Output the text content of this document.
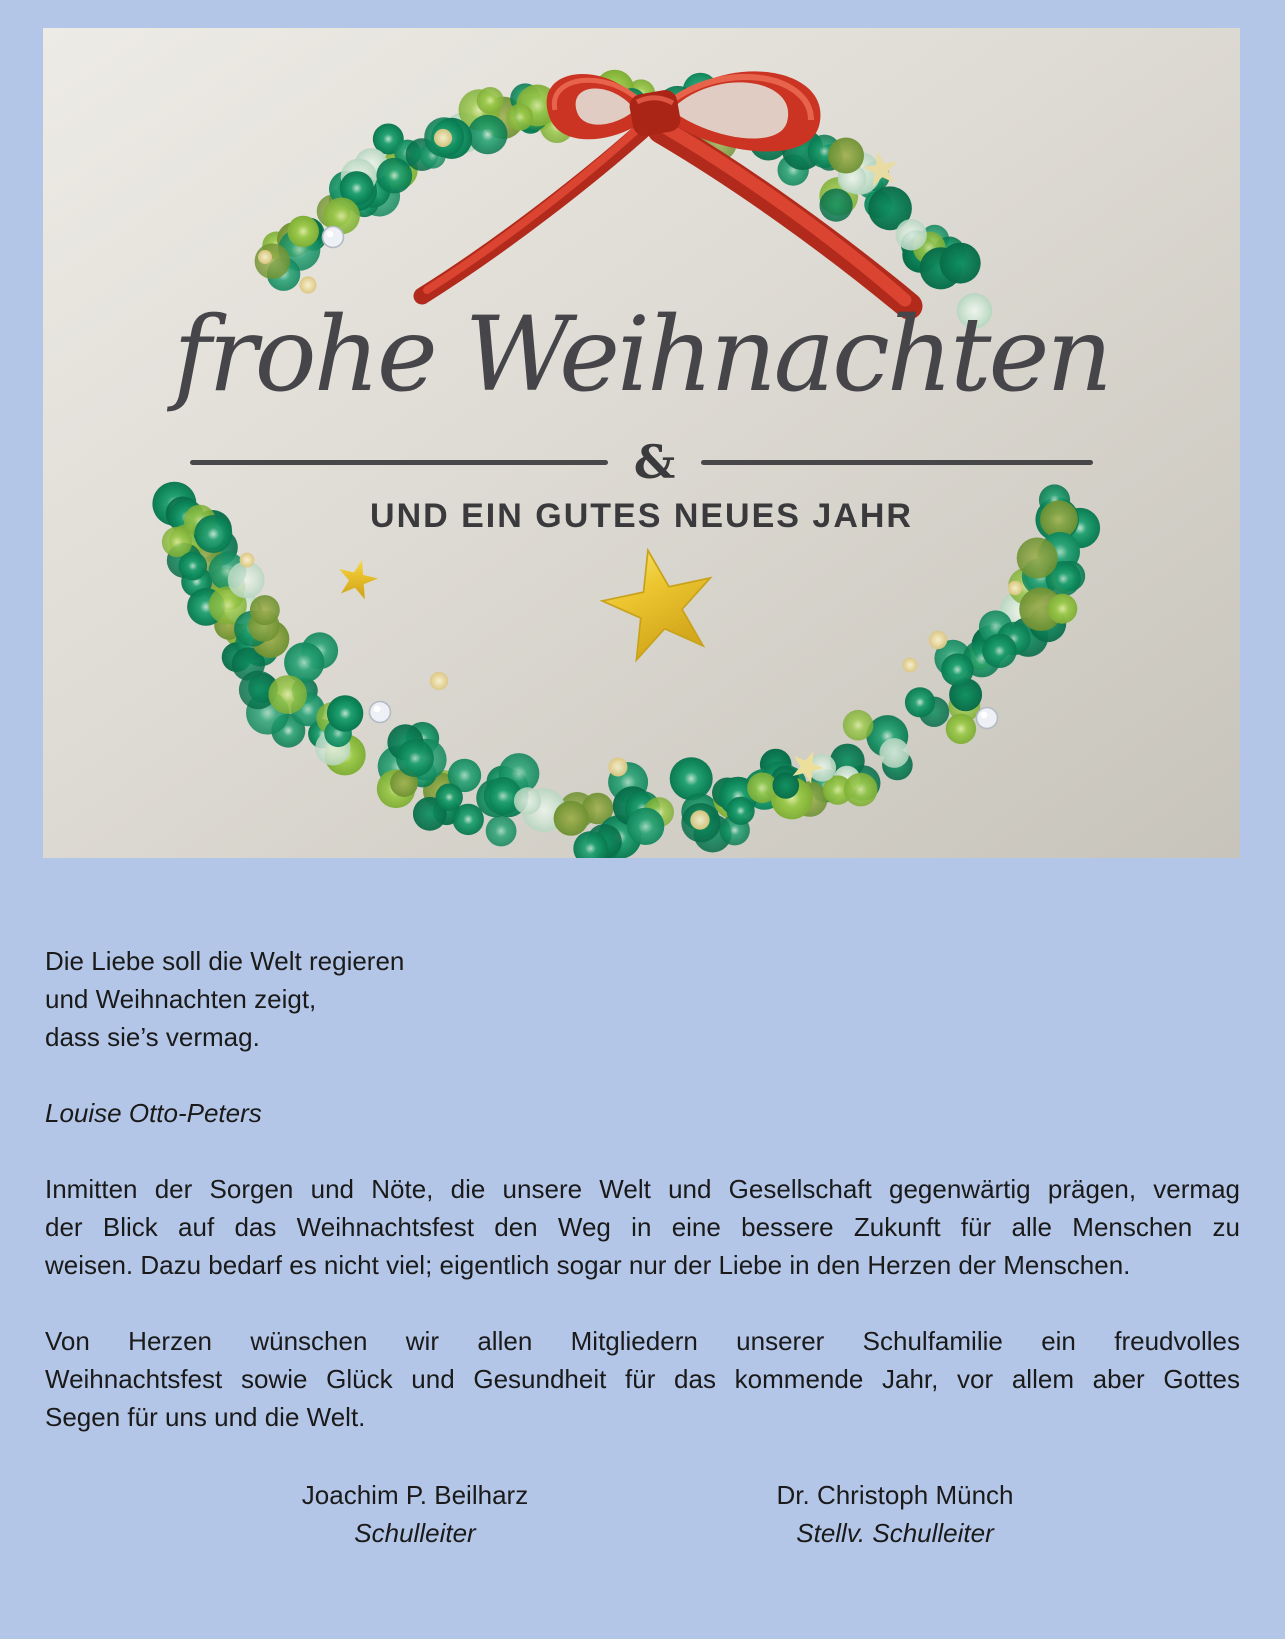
frohe Weihnachten
&
UND EIN GUTES NEUES JAHR
Die Liebe soll die Welt regieren
und Weihnachten zeigt,
dass sie’s vermag.
Louise Otto-Peters
Inmitten der Sorgen und Nöte, die unsere Welt und Gesellschaft gegenwärtig prägen, vermag
der Blick auf das Weihnachtsfest den Weg in eine bessere Zukunft für alle Menschen zu
weisen. Dazu bedarf es nicht viel; eigentlich sogar nur der Liebe in den Herzen der Menschen.
Von Herzen wünschen wir allen Mitgliedern unserer Schulfamilie ein freudvolles
Weihnachtsfest sowie Glück und Gesundheit für das kommende Jahr, vor allem aber Gottes
Segen für uns und die Welt.
Joachim P. Beilharz
Schulleiter
Dr. Christoph Münch
Stellv. Schulleiter
